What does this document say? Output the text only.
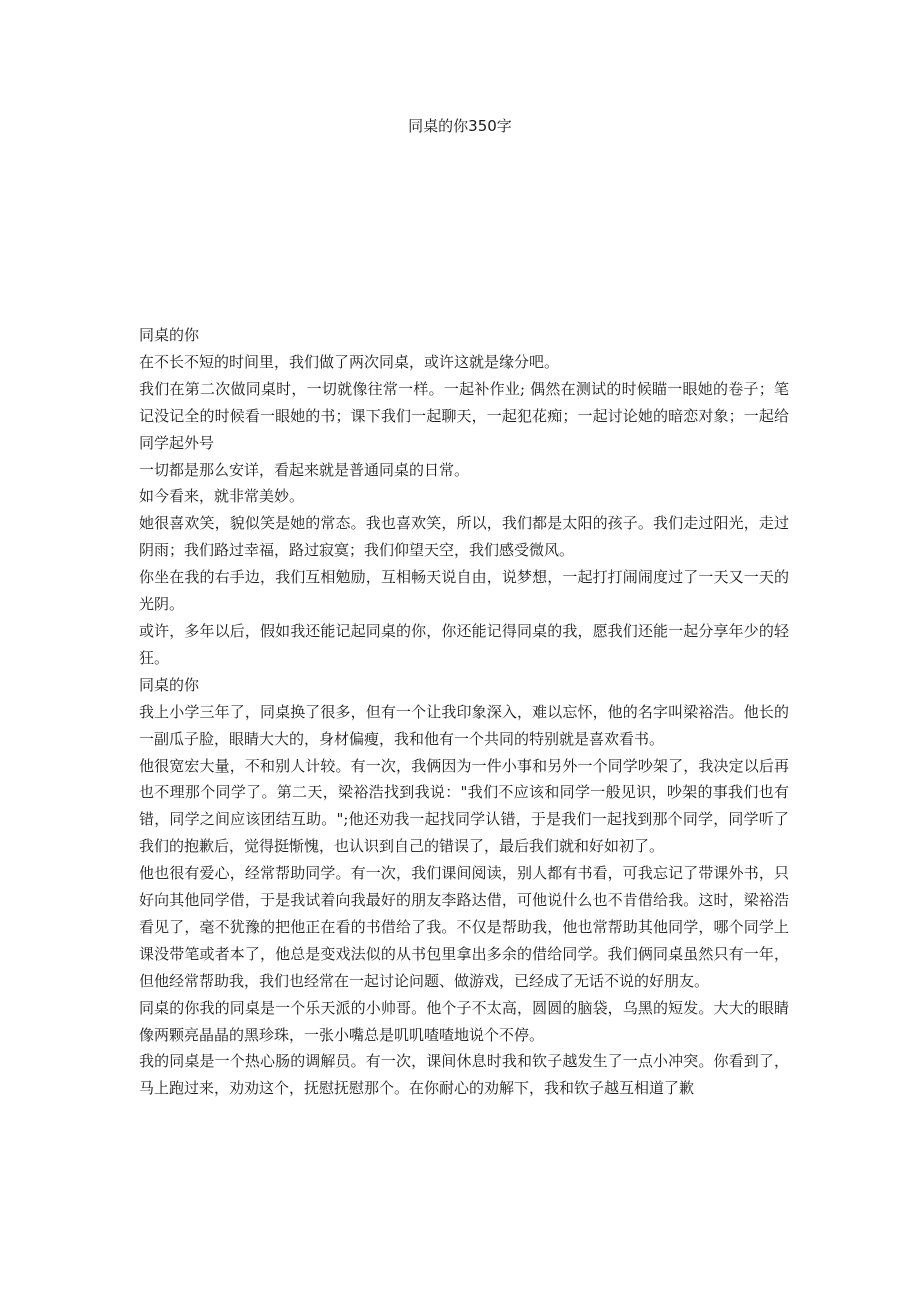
同桌的你350字

同桌的你

在不长不短的时间里，我们做了两次同桌，或许这就是缘分吧。

我们在第二次做同桌时，一切就像往常一样。一起补作业; 偶然在测试的时候瞄一眼她的卷子；笔记没记全的时候看一眼她的书；课下我们一起聊天，一起犯花痴；一起讨论她的暗恋对象；一起给同学起外号

一切都是那么安详，看起来就是普通同桌的日常。

如今看来，就非常美妙。

她很喜欢笑，貌似笑是她的常态。我也喜欢笑，所以，我们都是太阳的孩子。我们走过阳光，走过阴雨；我们路过幸福，路过寂寞；我们仰望天空，我们感受微风。

你坐在我的右手边，我们互相勉励，互相畅天说自由，说梦想，一起打打闹闹度过了一天又一天的光阴。

或许，多年以后，假如我还能记起同桌的你，你还能记得同桌的我，愿我们还能一起分享年少的轻狂。

同桌的你

我上小学三年了，同桌换了很多，但有一个让我印象深入，难以忘怀，他的名字叫梁裕浩。他长的一副瓜子脸，眼睛大大的，身材偏瘦，我和他有一个共同的特别就是喜欢看书。

他很宽宏大量，不和别人计较。有一次，我俩因为一件小事和另外一个同学吵架了，我决定以后再也不理那个同学了。第二天，梁裕浩找到我说："我们不应该和同学一般见识，吵架的事我们也有错，同学之间应该团结互助。";他还劝我一起找同学认错，于是我们一起找到那个同学，同学听了我们的抱歉后，觉得挺惭愧，也认识到自己的错误了，最后我们就和好如初了。

他也很有爱心，经常帮助同学。有一次，我们课间阅读，别人都有书看，可我忘记了带课外书，只好向其他同学借，于是我试着向我最好的朋友李路达借，可他说什么也不肯借给我。这时，梁裕浩看见了，毫不犹豫的把他正在看的书借给了我。不仅是帮助我，他也常帮助其他同学，哪个同学上课没带笔或者本了，他总是变戏法似的从书包里拿出多余的借给同学。我们俩同桌虽然只有一年，但他经常帮助我，我们也经常在一起讨论问题、做游戏，已经成了无话不说的好朋友。

同桌的你我的同桌是一个乐天派的小帅哥。他个子不太高，圆圆的脑袋，乌黑的短发。大大的眼睛像两颗亮晶晶的黑珍珠，一张小嘴总是叽叽喳喳地说个不停。

我的同桌是一个热心肠的调解员。有一次，课间休息时我和钦子越发生了一点小冲突。你看到了，马上跑过来，劝劝这个，抚慰抚慰那个。在你耐心的劝解下，我和钦子越互相道了歉
